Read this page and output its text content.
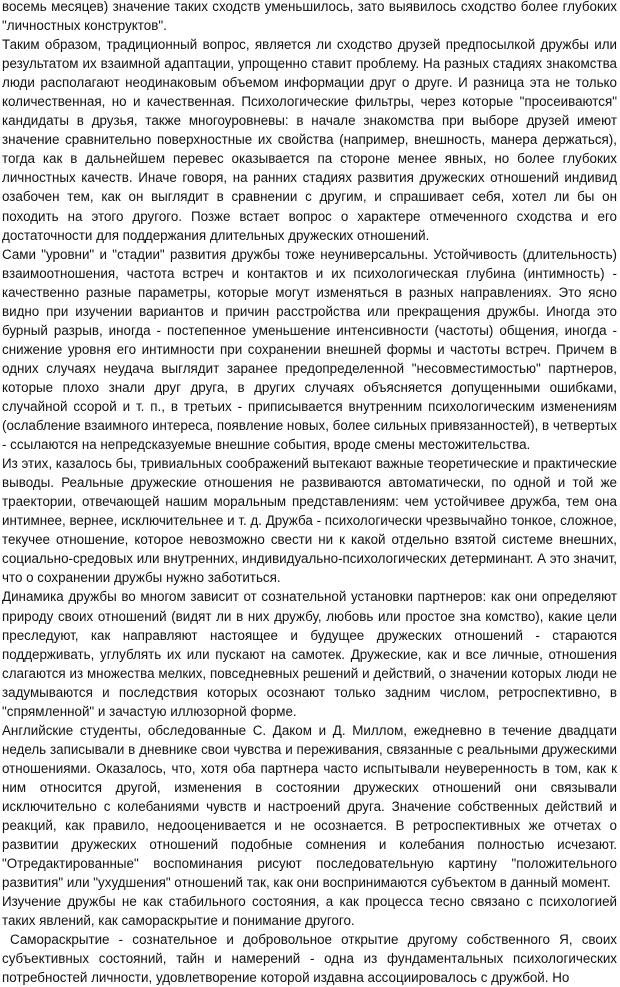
восемь месяцев) значение таких сходств уменьшилось, зато выявилось сходство более глубоких "личностных конструктов".

Таким образом, традиционный вопрос, является ли сходство друзей предпосылкой дружбы или результатом их взаимной адаптации, упрощенно ставит проблему. На разных стадиях знакомства люди располагают неодинаковым объемом информации друг о друге. И разница эта не только количественная, но и качественная. Психологические фильтры, через которые "просеиваются" кандидаты в друзья, также многоуровневы: в начале знакомства при выборе друзей имеют значение сравнительно поверхностные их свойства (например, внешность, манера держаться), тогда как в дальнейшем перевес оказывается па стороне менее явных, но более глубоких личностных качеств. Иначе говоря, на ранних стадиях развития дружеских отношений индивид озабочен тем, как он выглядит в сравнении с другим, и спрашивает себя, хотел ли бы он походить на этого другого. Позже встает вопрос о характере отмеченного сходства и его достаточности для поддержания длительных дружеских отношений.

Сами "уровни" и "стадии" развития дружбы тоже неуниверсальны. Устойчивость (длительность) взаимоотношения, частота встреч и контактов и их психологическая глубина (интимность) - качественно разные параметры, которые могут изменяться в разных направлениях. Это ясно видно при изучении вариантов и причин расстройства или прекращения дружбы. Иногда это бурный разрыв, иногда - постепенное уменьшение интенсивности (частоты) общения, иногда - снижение уровня его интимности при сохранении внешней формы и частоты встреч. Причем в одних случаях неудача выглядит заранее предопределенной "несовместимостью" партнеров, которые плохо знали друг друга, в других случаях объясняется допущенными ошибками, случайной ссорой и т. п., в третьих - приписывается внутренним психологическим изменениям (ослабление взаимного интереса, появление новых, более сильных привязанностей), в четвертых - ссылаются на непредсказуемые внешние события, вроде смены местожительства.

Из этих, казалось бы, тривиальных соображений вытекают важные теоретические и практические выводы. Реальные дружеские отношения не развиваются автоматически, по одной и той же траектории, отвечающей нашим моральным представлениям: чем устойчивее дружба, тем она интимнее, вернее, исключительнее и т. д. Дружба - психологически чрезвычайно тонкое, сложное, текучее отношение, которое невозможно свести ни к какой отдельно взятой системе внешних, социально-средовых или внутренних, индивидуально-психологических детерминант. А это значит, что о сохранении дружбы нужно заботиться.

Динамика дружбы во многом зависит от сознательной установки партнеров: как они определяют природу своих отношений (видят ли в них дружбу, любовь или простое зна комство), какие цели преследуют, как направляют настоящее и будущее дружеских отношений - стараются поддерживать, углублять их или пускают на самотек. Дружеские, как и все личные, отношения слагаются из множества мелких, повседневных решений и действий, о значении которых люди не задумываются и последствия которых осознают только задним числом, ретроспективно, в "спрямленной" и зачастую иллюзорной форме.

Английские студенты, обследованные С. Даком и Д. Миллом, ежедневно в течение двадцати недель записывали в дневнике свои чувства и переживания, связанные с реальными дружескими отношениями. Оказалось, что, хотя оба партнера часто испытывали неуверенность в том, как к ним относится другой, изменения в состоянии дружеских отношений они связывали исключительно с колебаниями чувств и настроений друга. Значение собственных действий и реакций, как правило, недооценивается и не осознается. В ретроспективных же отчетах о развитии дружеских отношений подобные сомнения и колебания полностью исчезают. "Отредактированные" воспоминания рисуют последовательную картину "положительного развития" или "ухудшения" отношений так, как они воспринимаются субъектом в данный момент.

Изучение дружбы не как стабильного состояния, а как процесса тесно связано с психологией таких явлений, как самораскрытие и понимание другого.

Самораскрытие - сознательное и добровольное открытие другому собственного Я, своих субъективных состояний, тайн и намерений - одна из фундаментальных психологических потребностей личности, удовлетворение которой издавна ассоциировалось с дружбой. Но
